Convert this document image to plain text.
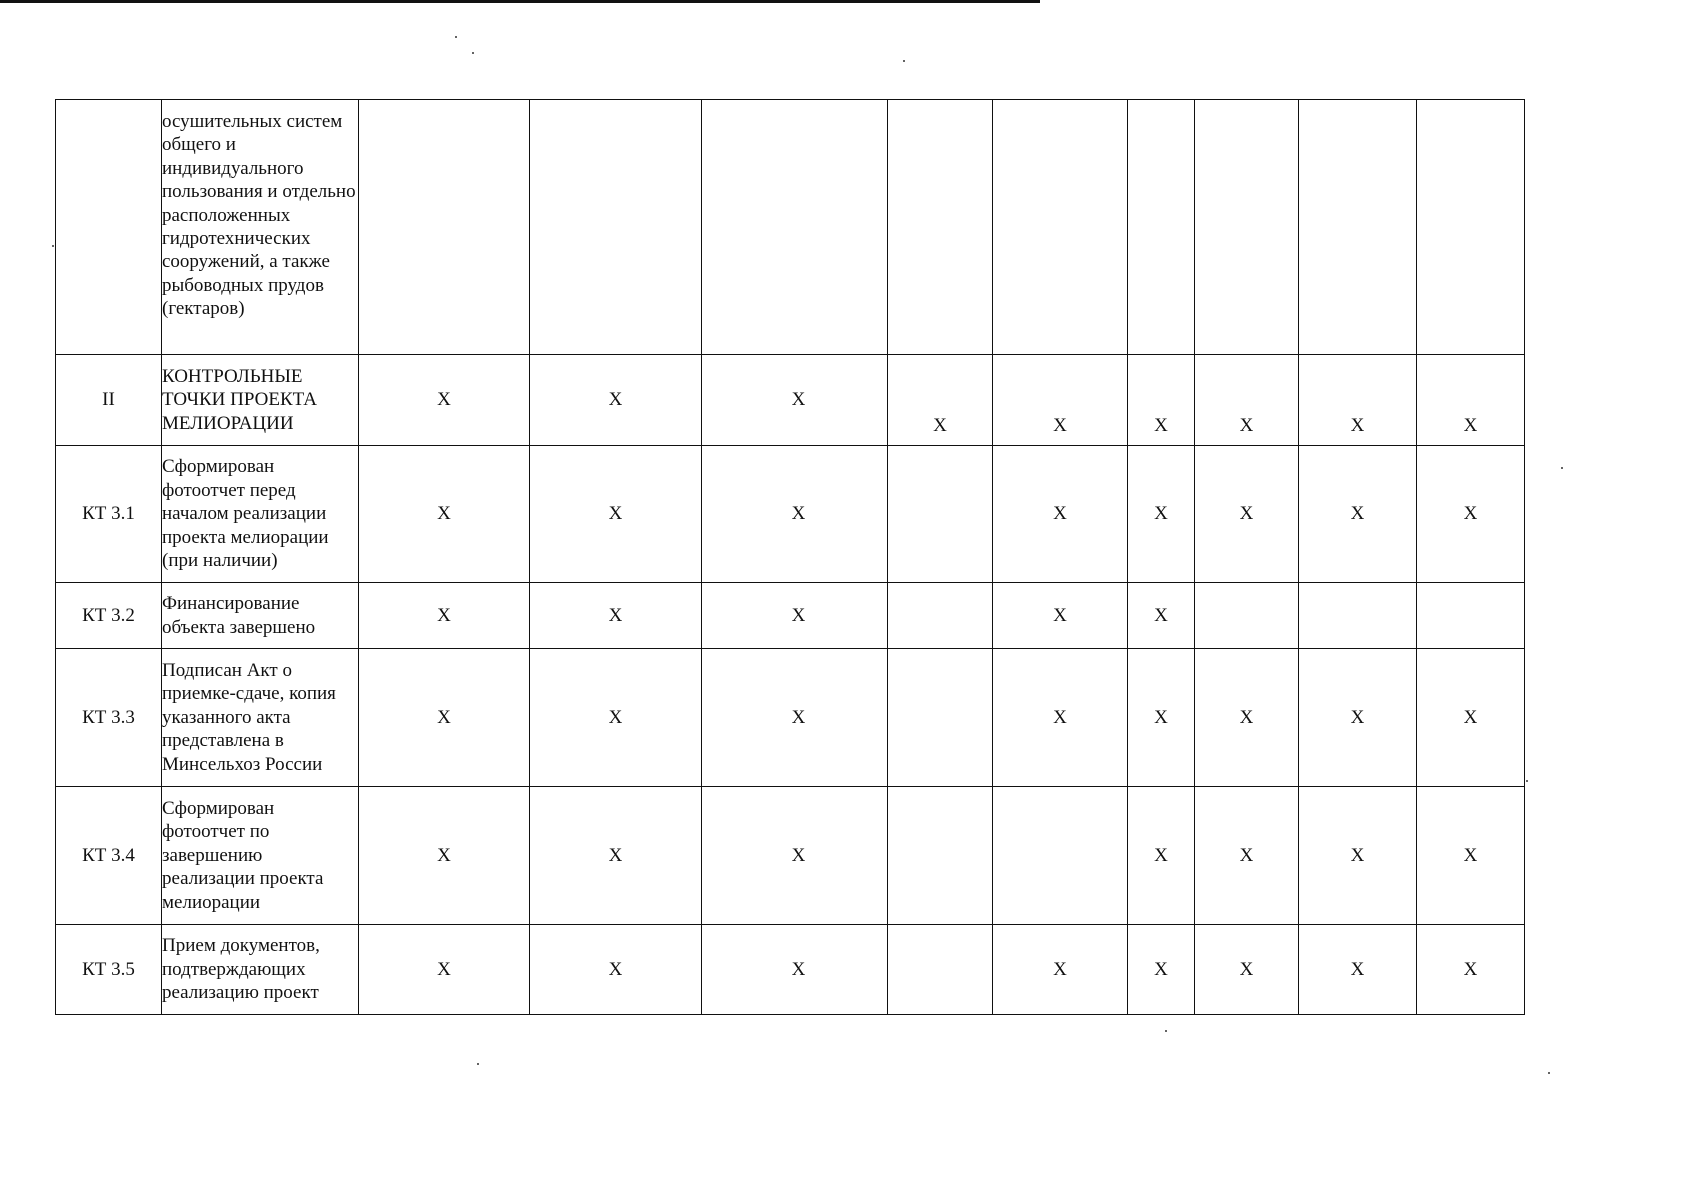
	осушительных систем общего и индивидуального пользования и отдельно расположенных гидротехнических сооружений, а также рыбоводных прудов (гектаров)									
II	КОНТРОЛЬНЫЕ ТОЧКИ ПРОЕКТА МЕЛИОРАЦИИ	X	X	X	X	X	X	X	X	X
КТ 3.1	Сформирован фотоотчет перед началом реализации проекта мелиорации (при наличии)	X	X	X		X	X	X	X	X
КТ 3.2	Финансирование объекта завершено	X	X	X		X	X			
КТ 3.3	Подписан Акт о приемке-сдаче, копия указанного акта представлена в Минсельхоз России	X	X	X		X	X	X	X	X
КТ 3.4	Сформирован фотоотчет по завершению реализации проекта мелиорации	X	X	X			X	X	X	X
КТ 3.5	Прием документов, подтверждающих реализацию проект	X	X	X		X	X	X	X	X
